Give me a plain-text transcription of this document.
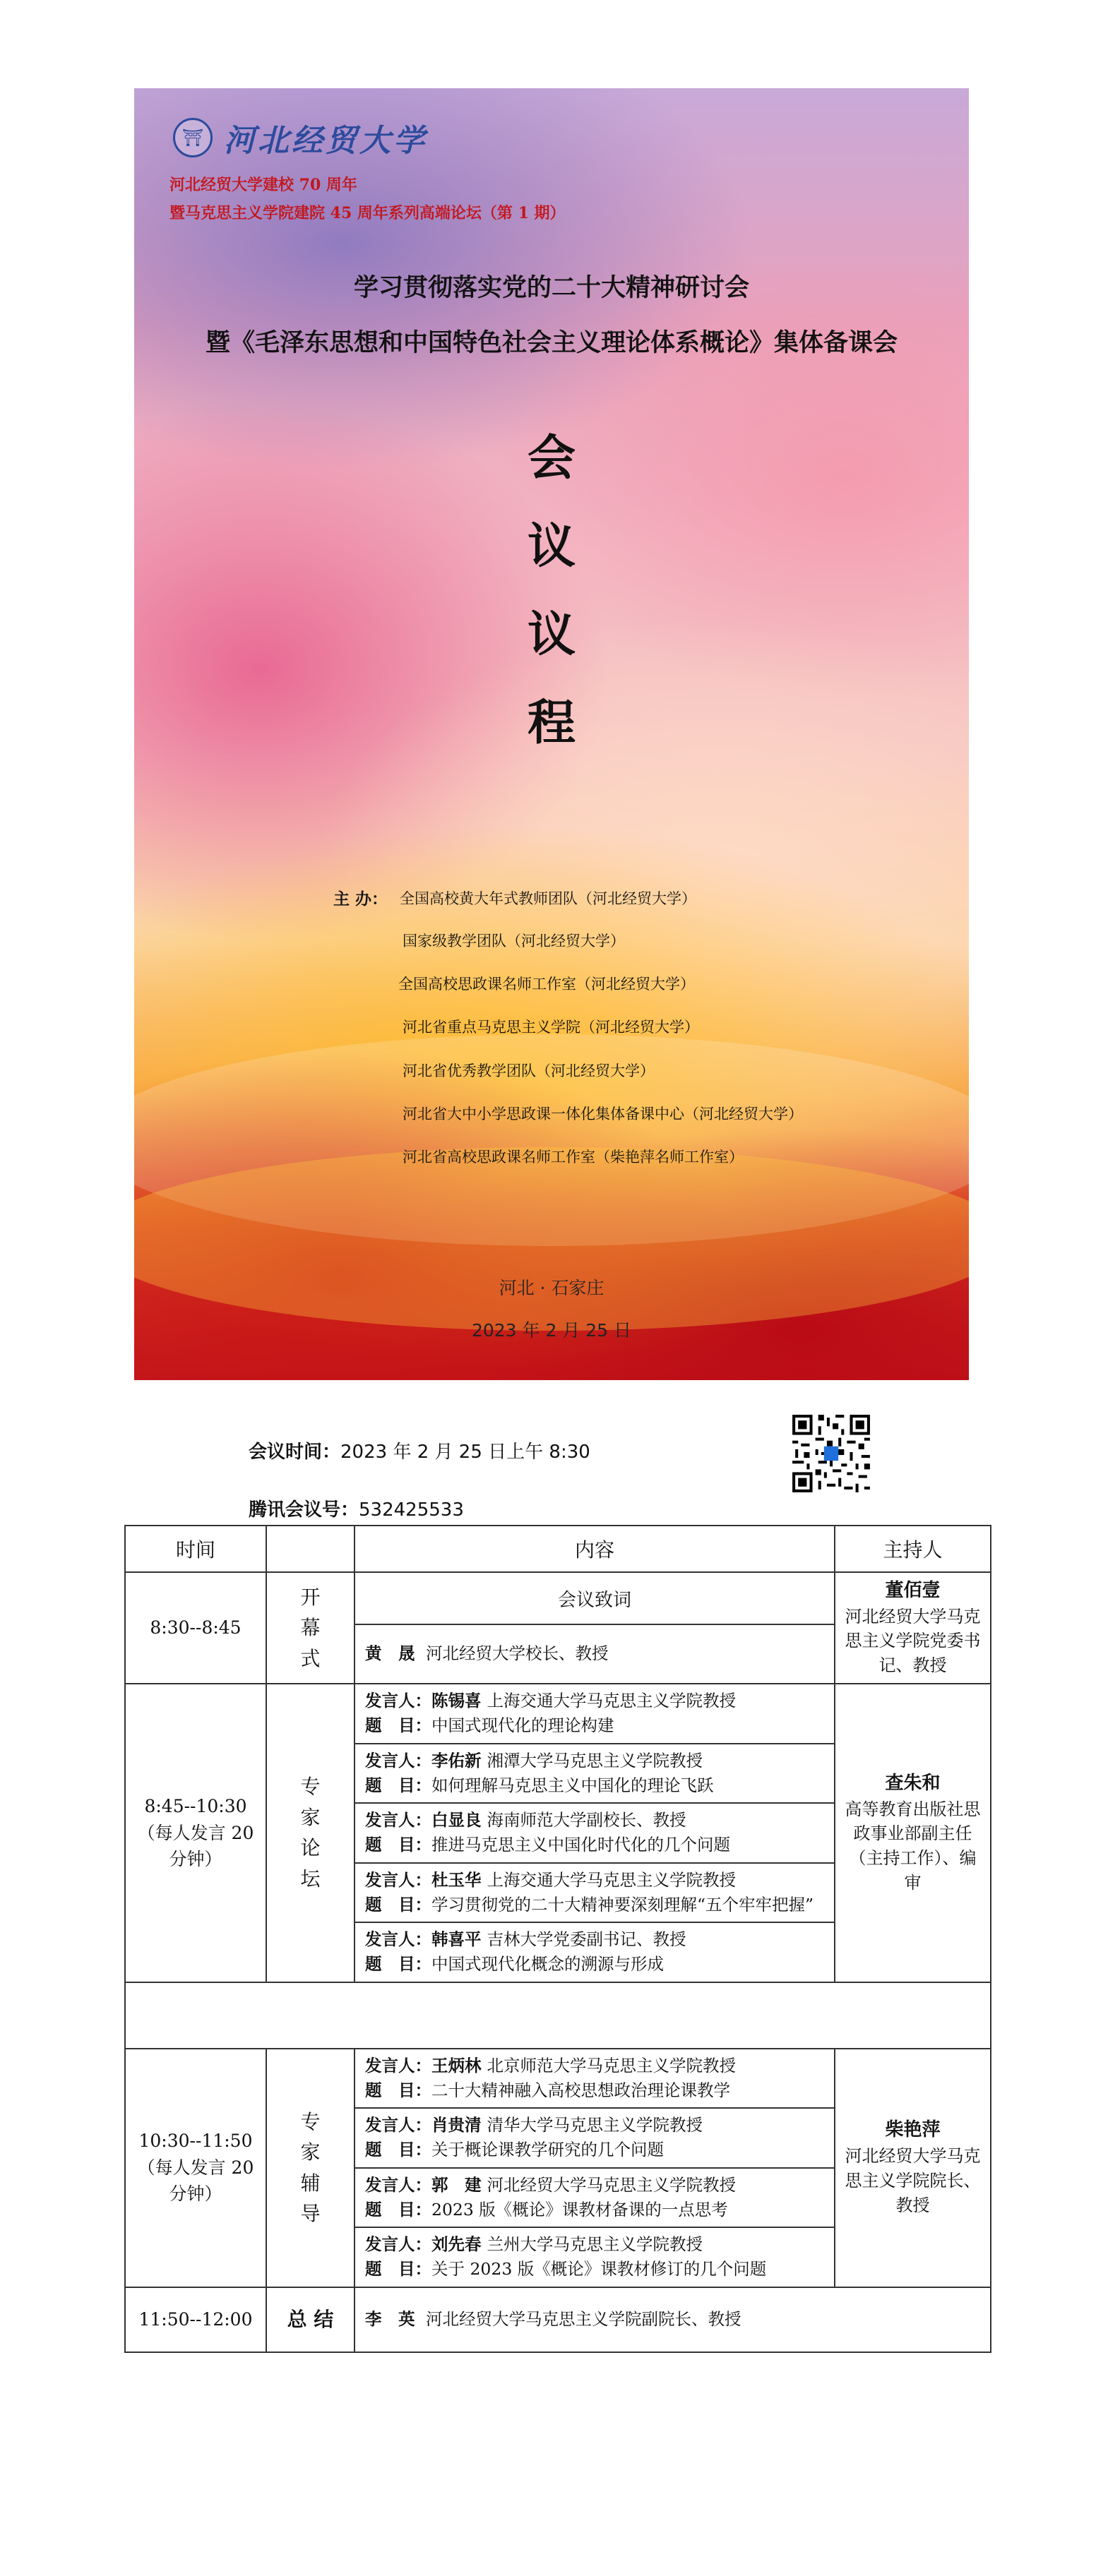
⛩ 河北经贸大学
河北经贸大学建校 70 周年
暨马克思主义学院建院 45 周年系列高端论坛（第 1 期）
学习贯彻落实党的二十大精神研讨会
暨《毛泽东思想和中国特色社会主义理论体系概论》集体备课会
会
议
议
程
主 办： 全国高校黄大年式教师团队（河北经贸大学）
国家级教学团队（河北经贸大学）
全国高校思政课名师工作室（河北经贸大学）
河北省重点马克思主义学院（河北经贸大学）
河北省优秀教学团队（河北经贸大学）
河北省大中小学思政课一体化集体备课中心（河北经贸大学）
河北省高校思政课名师工作室（柴艳萍名师工作室）
河北 · 石家庄
2023 年 2 月 25 日
会议时间：2023 年 2 月 25 日上午 8:30
腾讯会议号：532425533
时间		内容	主持人
8:30--8:45	开幕式	会议致词	董佰壹
河北经贸大学马克思主义学院党委书记、教授
		黄　晟 河北经贸大学校长、教授	

8:45--10:30
（每人发言 20 分钟）	专家论坛	发言人：陈锡喜 上海交通大学马克思主义学院教授
题　目：中国式现代化的理论构建	查朱和
高等教育出版社思政事业部副主任（主持工作）、编审

		发言人：李佑新 湘潭大学马克思主义学院教授
题　目：如何理解马克思主义中国化的理论飞跃	

		发言人：白显良 海南师范大学副校长、教授
题　目：推进马克思主义中国化时代化的几个问题	

		发言人：杜玉华 上海交通大学马克思主义学院教授
题　目：学习贯彻党的二十大精神要深刻理解“五个牢牢把握”	

		发言人：韩喜平 吉林大学党委副书记、教授
题　目：中国式现代化概念的溯源与形成	

10:30--11:50
（每人发言 20 分钟）	专家辅导	发言人：王炳林 北京师范大学马克思主义学院教授
题　目：二十大精神融入高校思想政治理论课教学	柴艳萍
河北经贸大学马克思主义学院院长、教授

		发言人：肖贵清 清华大学马克思主义学院教授
题　目：关于概论课教学研究的几个问题	

		发言人：郭　建 河北经贸大学马克思主义学院教授
题　目：2023 版《概论》课教材备课的一点思考	

		发言人：刘先春 兰州大学马克思主义学院教授
题　目：关于 2023 版《概论》课教材修订的几个问题	

11:50--12:00	总 结	李　英 河北经贸大学马克思主义学院副院长、教授	
